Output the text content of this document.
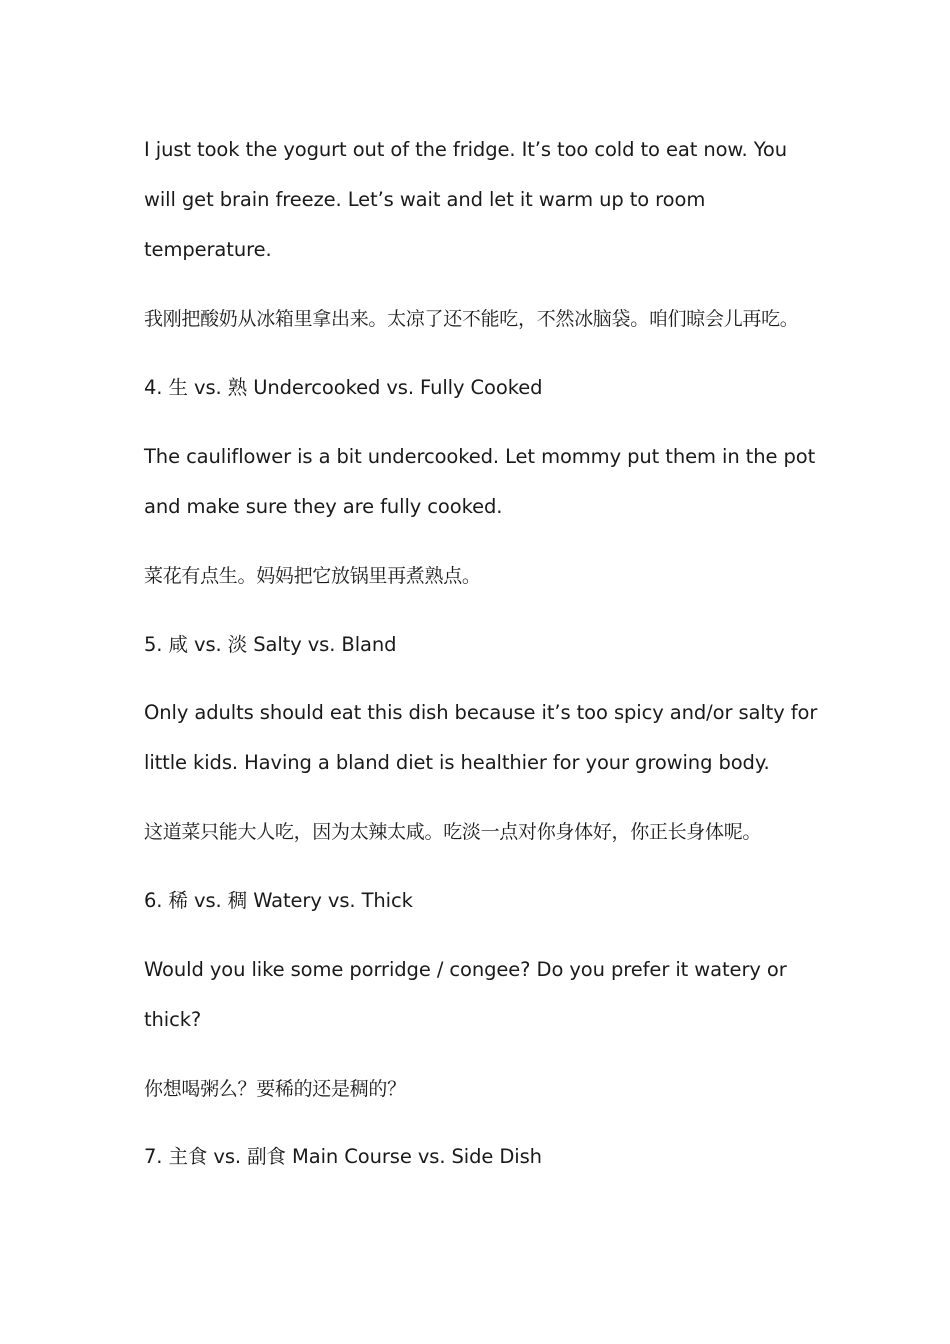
I just took the yogurt out of the fridge. It’s too cold to eat now. You
will get brain freeze. Let’s wait and let it warm up to room
temperature.
我刚把酸奶从冰箱里拿出来。太凉了还不能吃，不然冰脑袋。咱们晾会儿再吃。
4. 生 vs. 熟 Undercooked vs. Fully Cooked
The cauliflower is a bit undercooked. Let mommy put them in the pot
and make sure they are fully cooked.
菜花有点生。妈妈把它放锅里再煮熟点。
5. 咸 vs. 淡 Salty vs. Bland
Only adults should eat this dish because it’s too spicy and/or salty for
little kids. Having a bland diet is healthier for your growing body.
这道菜只能大人吃，因为太辣太咸。吃淡一点对你身体好，你正长身体呢。
6. 稀 vs. 稠 Watery vs. Thick
Would you like some porridge / congee? Do you prefer it watery or
thick?
你想喝粥么？要稀的还是稠的？
7. 主食 vs. 副食 Main Course vs. Side Dish
